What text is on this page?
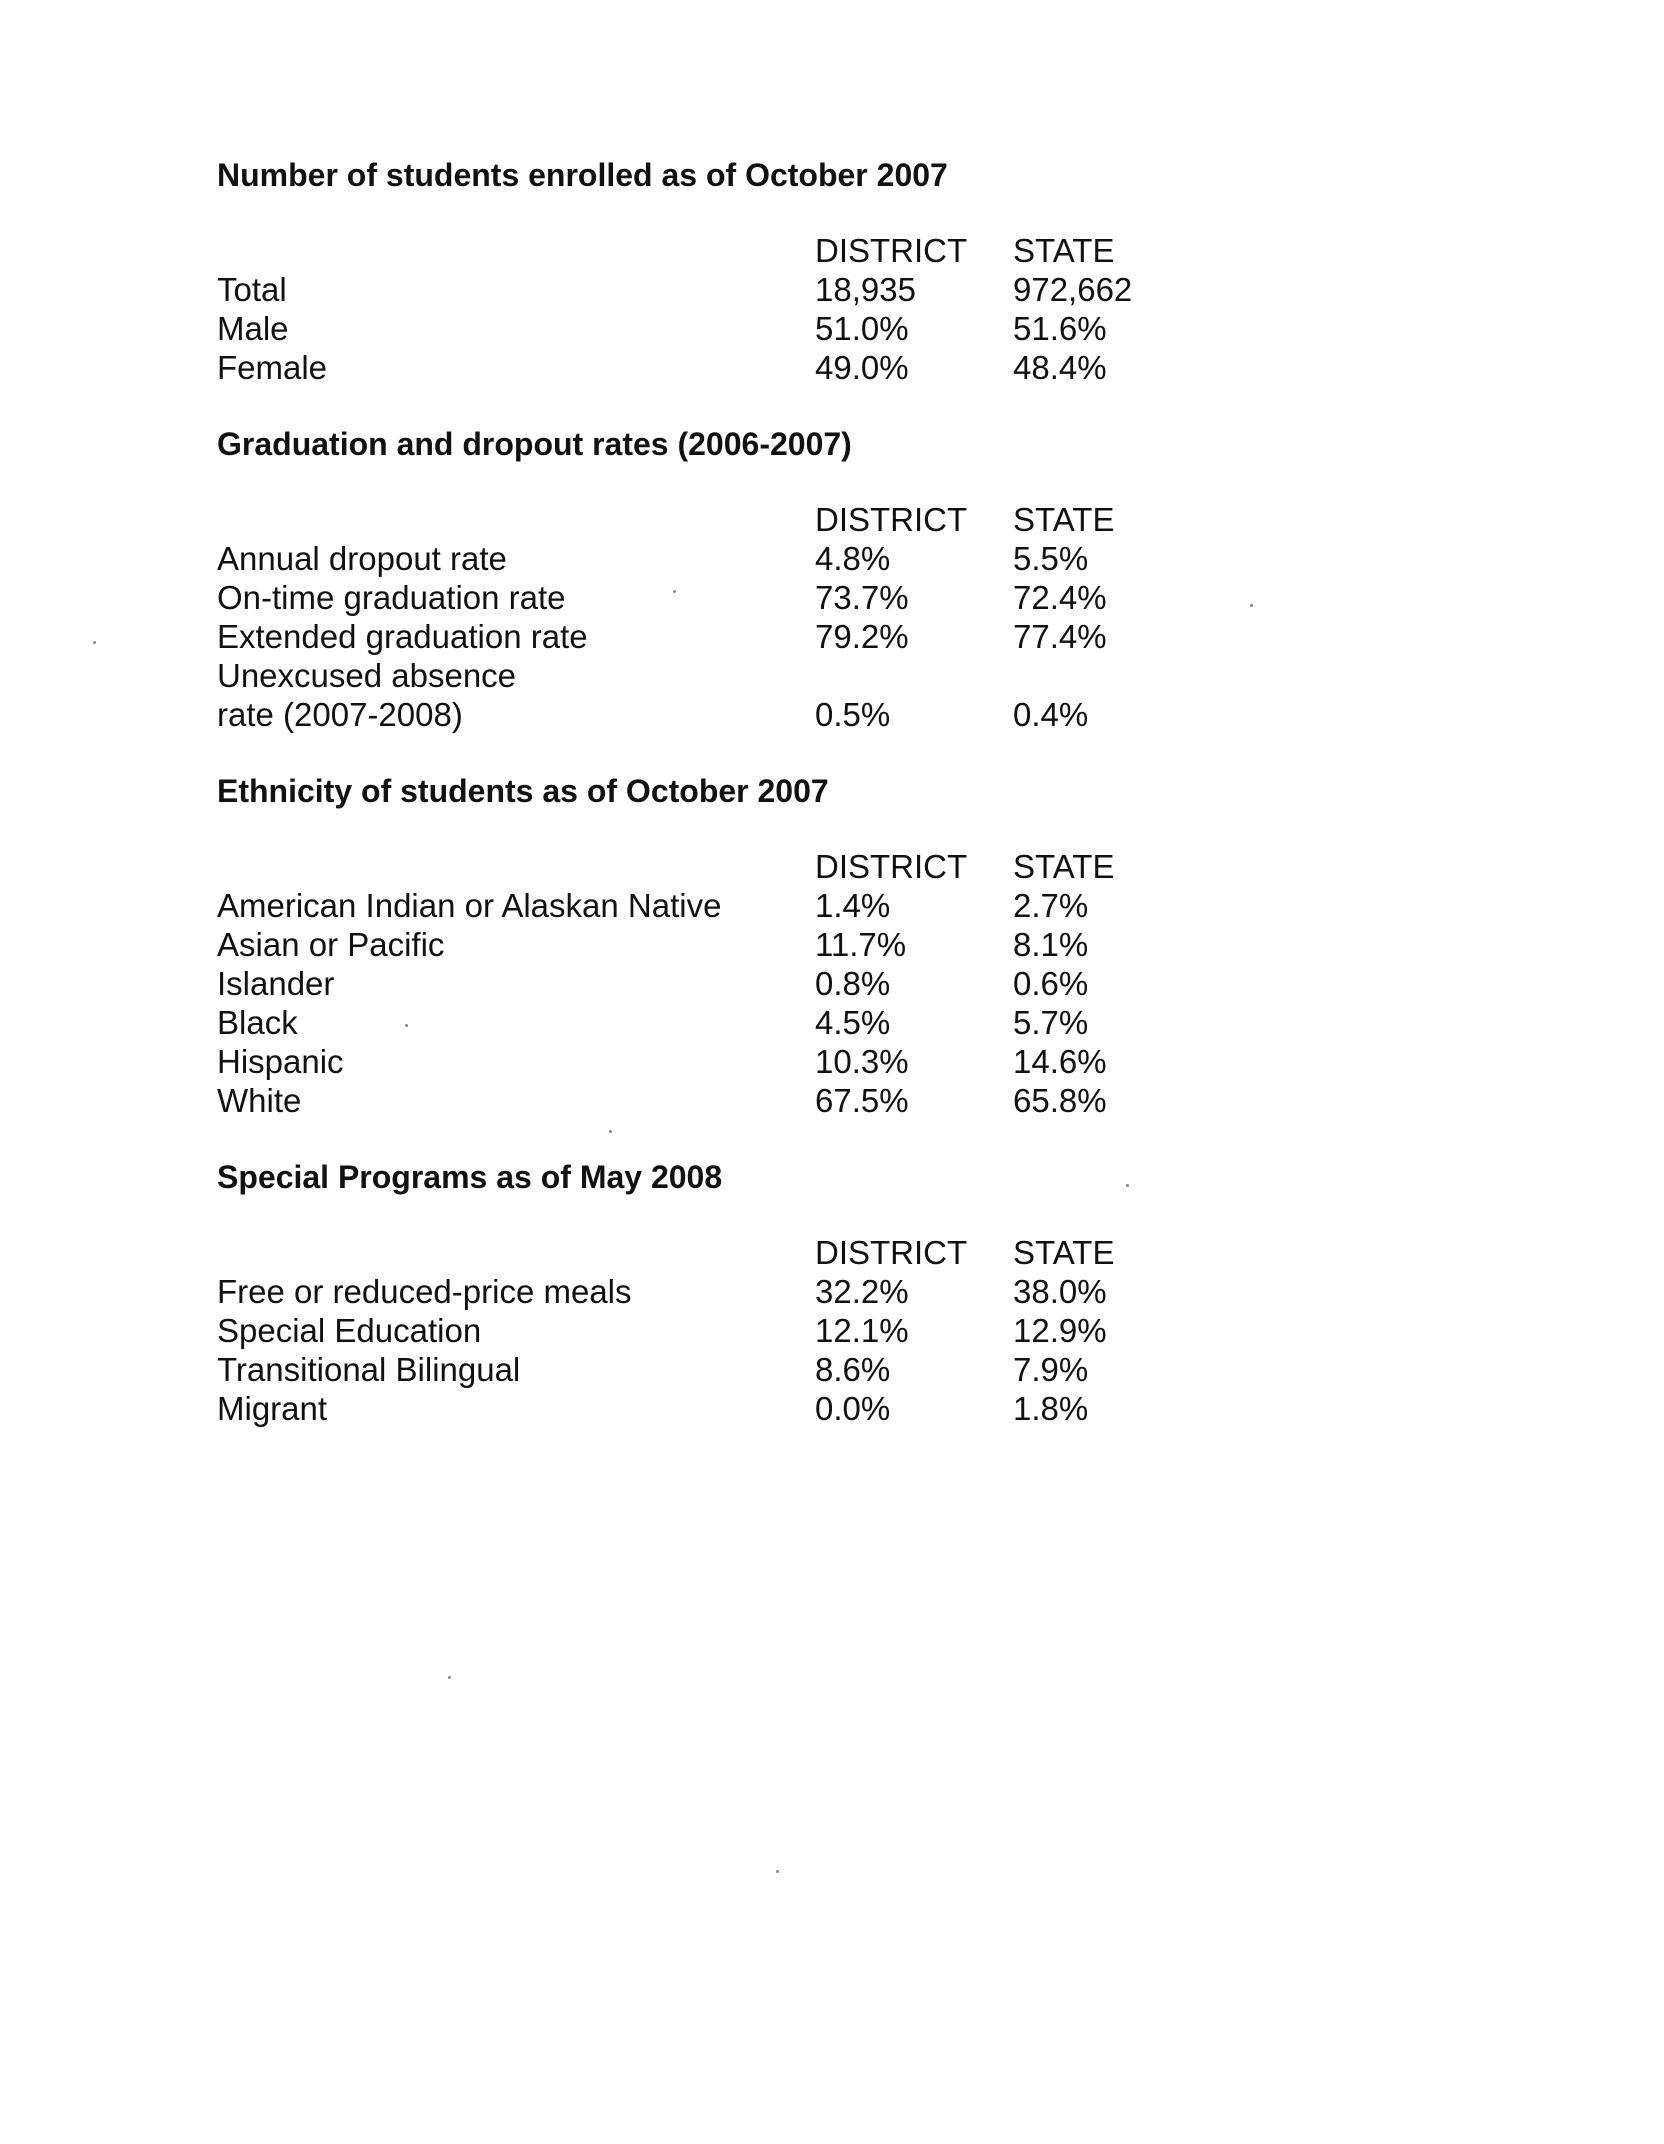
Number of students enrolled as of October 2007
DISTRICT STATE
Total	18,935	972,662
Male	51.0%	51.6%
Female	49.0%	48.4%
Graduation and dropout rates (2006-2007)
DISTRICT STATE
Annual dropout rate	4.8%	5.5%
On-time graduation rate	73.7%	72.4%
Extended graduation rate	79.2%	77.4%
Unexcused absence
rate (2007-2008)	0.5%	0.4%
Ethnicity of students as of October 2007
DISTRICT STATE
American Indian or Alaskan Native	1.4%	2.7%
Asian or Pacific	11.7%	8.1%
Islander	0.8%	0.6%
Black	4.5%	5.7%
Hispanic	10.3%	14.6%
White	67.5%	65.8%
Special Programs as of May 2008
DISTRICT STATE
Free or reduced-price meals	32.2%	38.0%
Special Education	12.1%	12.9%
Transitional Bilingual	8.6%	7.9%
Migrant	0.0%	1.8%
